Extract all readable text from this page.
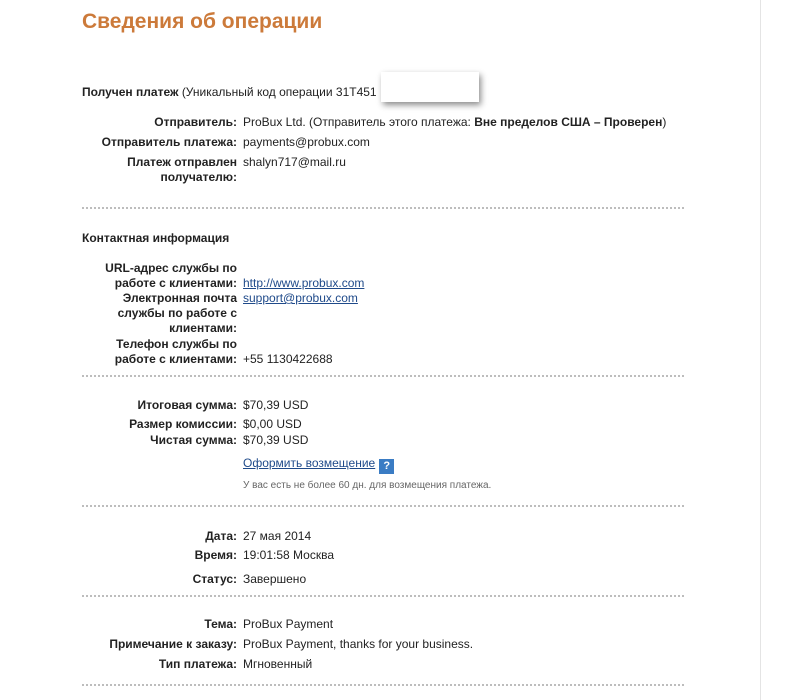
Сведения об операции
Получен платеж (Уникальный код операции 31T451
Отправитель: ProBux Ltd. (Отправитель этого платежа: Вне пределов США – Проверен)
Отправитель платежа: payments@probux.com
Платеж отправлен
получателю:
shalyn717@mail.ru
Контактная информация
URL-адрес службы по
работе с клиентами: http://www.probux.com
Электронная почта
службы по работе с
клиентами:
support@probux.com
Телефон службы по
работе с клиентами: +55 1130422688
Итоговая сумма: $70,39 USD
Размер комиссии: $0,00 USD
Чистая сумма: $70,39 USD
Оформить возмещение ?
У вас есть не более 60 дн. для возмещения платежа.
Дата: 27 мая 2014
Время: 19:01:58 Москва
Статус: Завершено
Тема: ProBux Payment
Примечание к заказу: ProBux Payment, thanks for your business.
Тип платежа: Мгновенный
